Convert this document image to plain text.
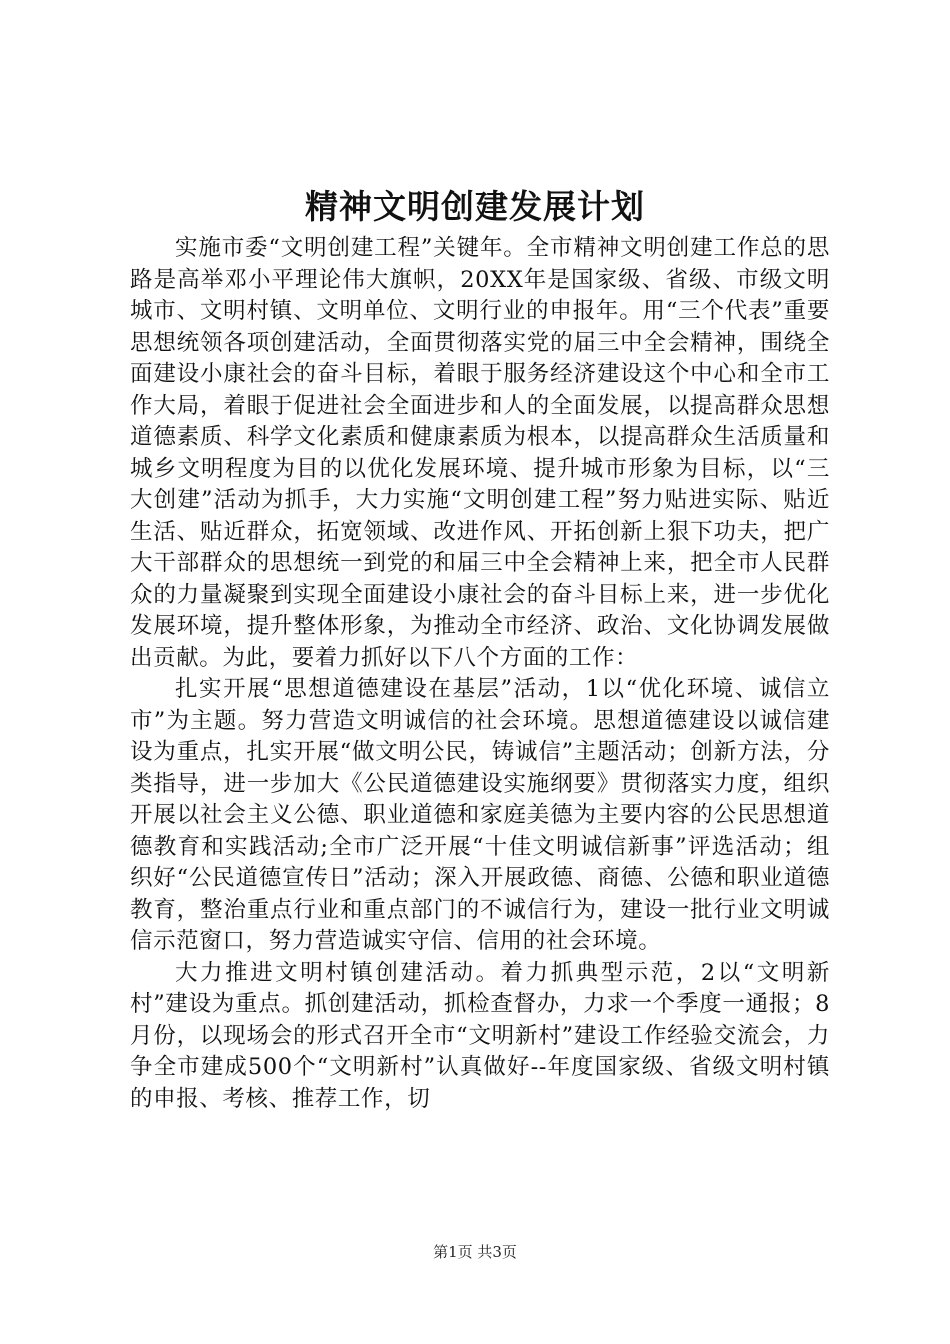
精神文明创建发展计划

实施市委“文明创建工程”关键年。全市精神文明创建工作总的思路是高举邓小平理论伟大旗帜，20XX年是国家级、省级、市级文明城市、文明村镇、文明单位、文明行业的申报年。用“三个代表”重要思想统领各项创建活动，全面贯彻落实党的届三中全会精神，围绕全面建设小康社会的奋斗目标，着眼于服务经济建设这个中心和全市工作大局，着眼于促进社会全面进步和人的全面发展，以提高群众思想道德素质、科学文化素质和健康素质为根本，以提高群众生活质量和城乡文明程度为目的以优化发展环境、提升城市形象为目标，以“三大创建”活动为抓手，大力实施“文明创建工程”努力贴进实际、贴近生活、贴近群众，拓宽领域、改进作风、开拓创新上狠下功夫，把广大干部群众的思想统一到党的和届三中全会精神上来，把全市人民群众的力量凝聚到实现全面建设小康社会的奋斗目标上来，进一步优化发展环境，提升整体形象，为推动全市经济、政治、文化协调发展做出贡献。为此，要着力抓好以下八个方面的工作：

扎实开展“思想道德建设在基层”活动，1以“优化环境、诚信立市”为主题。努力营造文明诚信的社会环境。思想道德建设以诚信建设为重点，扎实开展“做文明公民，铸诚信”主题活动；创新方法，分类指导，进一步加大《公民道德建设实施纲要》贯彻落实力度，组织开展以社会主义公德、职业道德和家庭美德为主要内容的公民思想道德教育和实践活动;全市广泛开展“十佳文明诚信新事”评选活动；组织好“公民道德宣传日”活动；深入开展政德、商德、公德和职业道德教育，整治重点行业和重点部门的不诚信行为，建设一批行业文明诚信示范窗口，努力营造诚实守信、信用的社会环境。

大力推进文明村镇创建活动。着力抓典型示范，2以“文明新村”建设为重点。抓创建活动，抓检查督办，力求一个季度一通报；8月份，以现场会的形式召开全市“文明新村”建设工作经验交流会，力争全市建成500个“文明新村”认真做好--年度国家级、省级文明村镇的申报、考核、推荐工作，切

第1页 共3页
